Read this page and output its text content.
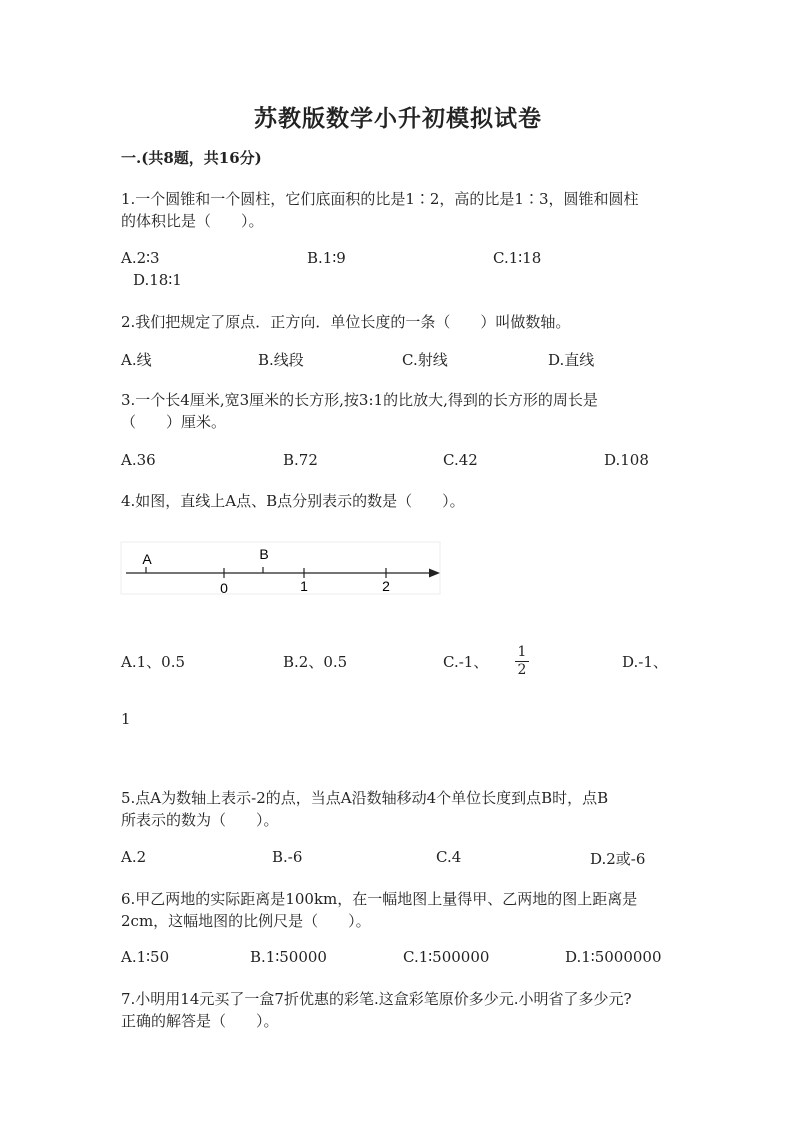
苏教版数学小升初模拟试卷
一.(共8题，共16分)
1.一个圆锥和一个圆柱，它们底面积的比是1∶2，高的比是1∶3，圆锥和圆柱
的体积比是（　　）。
A.2∶3	B.1∶9	C.1∶18
D.18∶1
2.我们把规定了原点．正方向．单位长度的一条（　　）叫做数轴。
A.线	B.线段	C.射线	D.直线
3.一个长4厘米,宽3厘米的长方形,按3:1的比放大,得到的长方形的周长是
（　　）厘米。
A.36	B.72	C.42	D.108
4.如图，直线上A点、B点分别表示的数是（　　）。
A	B
0	1	2
A.1、0.5	B.2、0.5	C.-1、
1
2	D.-1、
1
5.点A为数轴上表示-2的点，当点A沿数轴移动4个单位长度到点B时，点B
所表示的数为（　　）。
A.2	B.-6	C.4	D.2或-6
6.甲乙两地的实际距离是100km，在一幅地图上量得甲、乙两地的图上距离是
2cm，这幅地图的比例尺是（　　）。
A.1∶50	B.1∶50000	C.1∶500000	D.1∶5000000
7.小明用14元买了一盒7折优惠的彩笔.这盒彩笔原价多少元.小明省了多少元?
正确的解答是（　　）。
